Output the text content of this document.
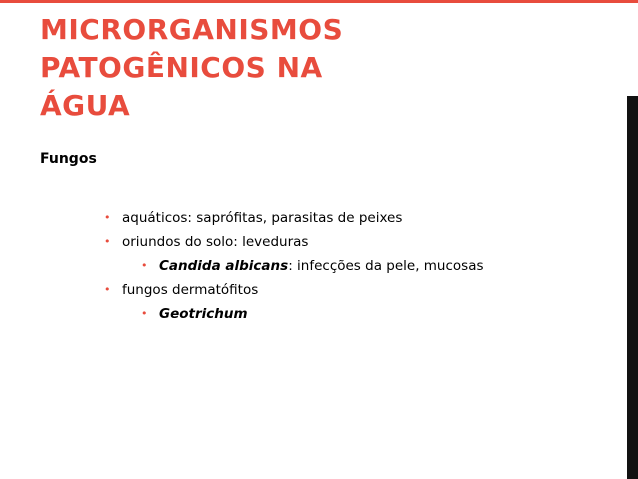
MICRORGANISMOS
PATOGÊNICOS NA
ÁGUA

Fungos

• aquáticos: saprófitas, parasitas de peixes
• oriundos do solo: leveduras
• Candida albicans: infecções da pele, mucosas
• fungos dermatófitos
• Geotrichum
